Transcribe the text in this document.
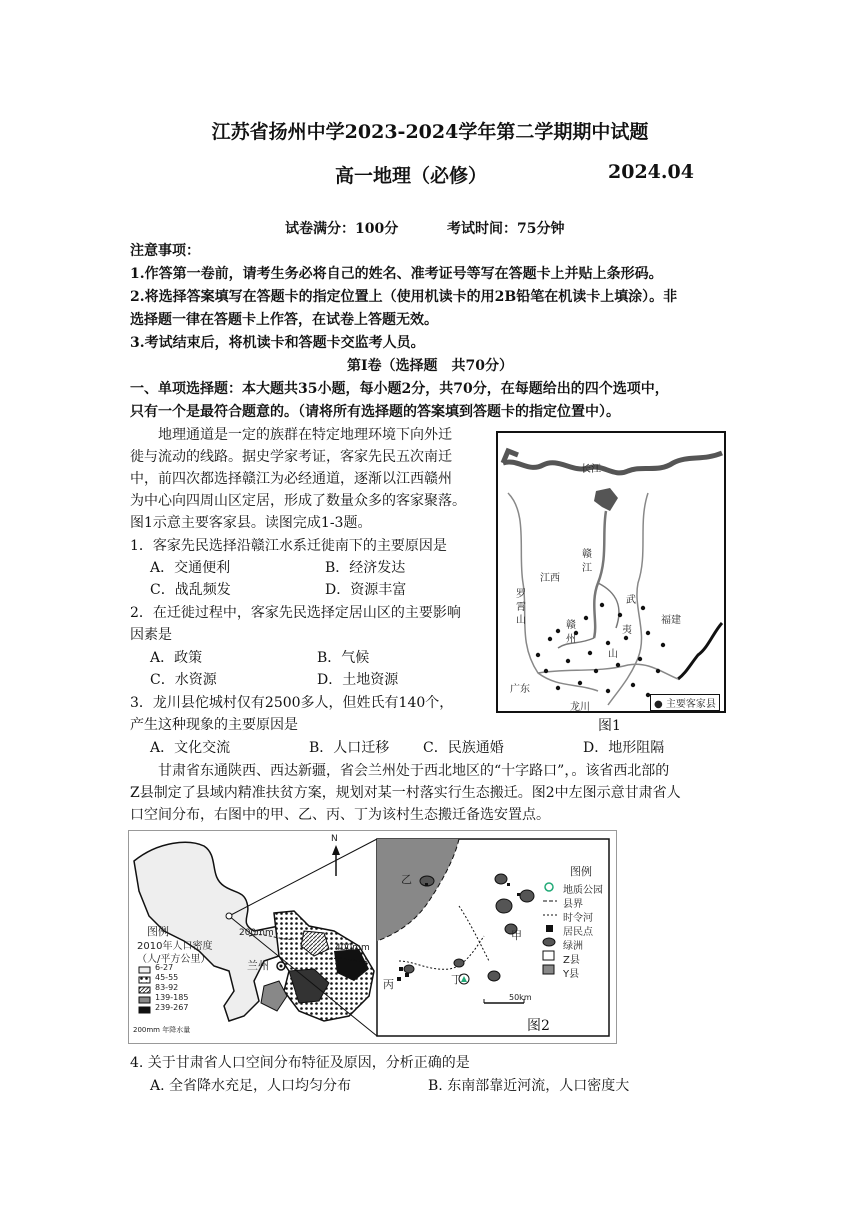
江苏省扬州中学2023-2024学年第二学期期中试题
高一地理（必修）	2024.04
试卷满分：100分	考试时间：75分钟
注意事项：
1.作答第一卷前，请考生务必将自己的姓名、准考证号等写在答题卡上并贴上条形码。
2.将选择答案填写在答题卡的指定位置上（使用机读卡的用2B铅笔在机读卡上填涂）。非
选择题一律在答题卡上作答，在试卷上答题无效。
3.考试结束后，将机读卡和答题卡交监考人员。
第Ⅰ卷（选择题　共70分）
一、单项选择题：本大题共35小题，每小题2分，共70分，在每题给出的四个选项中，
只有一个是最符合题意的。（请将所有选择题的答案填到答题卡的指定位置中）。
地理通道是一定的族群在特定地理环境下向外迁
徙与流动的线路。据史学家考证，客家先民五次南迁
中，前四次都选择赣江为必经通道，逐渐以江西赣州
为中心向四周山区定居，形成了数量众多的客家聚落。
图1示意主要客家县。读图完成1-3题。
1．客家先民选择沿赣江水系迁徙南下的主要原因是
A．交通便利	B．经济发达
C．战乱频发	D．资源丰富
2．在迁徙过程中，客家先民选择定居山区的主要影响
因素是
A．政策	B．气候
C．水资源	D．土地资源
3．龙川县佗城村仅有2500多人，但姓氏有140个，
产生这种现象的主要原因是
A．文化交流	B．人口迁移 C．民族通婚	D．地形阻隔
长江
赣
江
江西
罗
霄
山
武
夷
山
福建
赣
州
广东
龙川	● 主要客家县
图1
甘肃省东通陕西、西达新疆，省会兰州处于西北地区的“十字路口”，。该省西北部的
Z县制定了县域内精准扶贫方案，规划对某一村落实行生态搬迁。图2中左图示意甘肃省人
口空间分布，右图中的甲、乙、丙、丁为该村生态搬迁备选安置点。
N
图例
2010年人口密度
（人/平方公里）
6-27
45-55
83-92
139-185
239-267
200mm 年降水量
200mm
400mm
兰州
图例
地质公园
县界
时令河
居民点
绿洲
Z县
Y县
乙
甲
丙	丁
50km
图2
4. 关于甘肃省人口空间分布特征及原因，分析正确的是
A. 全省降水充足，人口均匀分布	B. 东南部靠近河流，人口密度大
